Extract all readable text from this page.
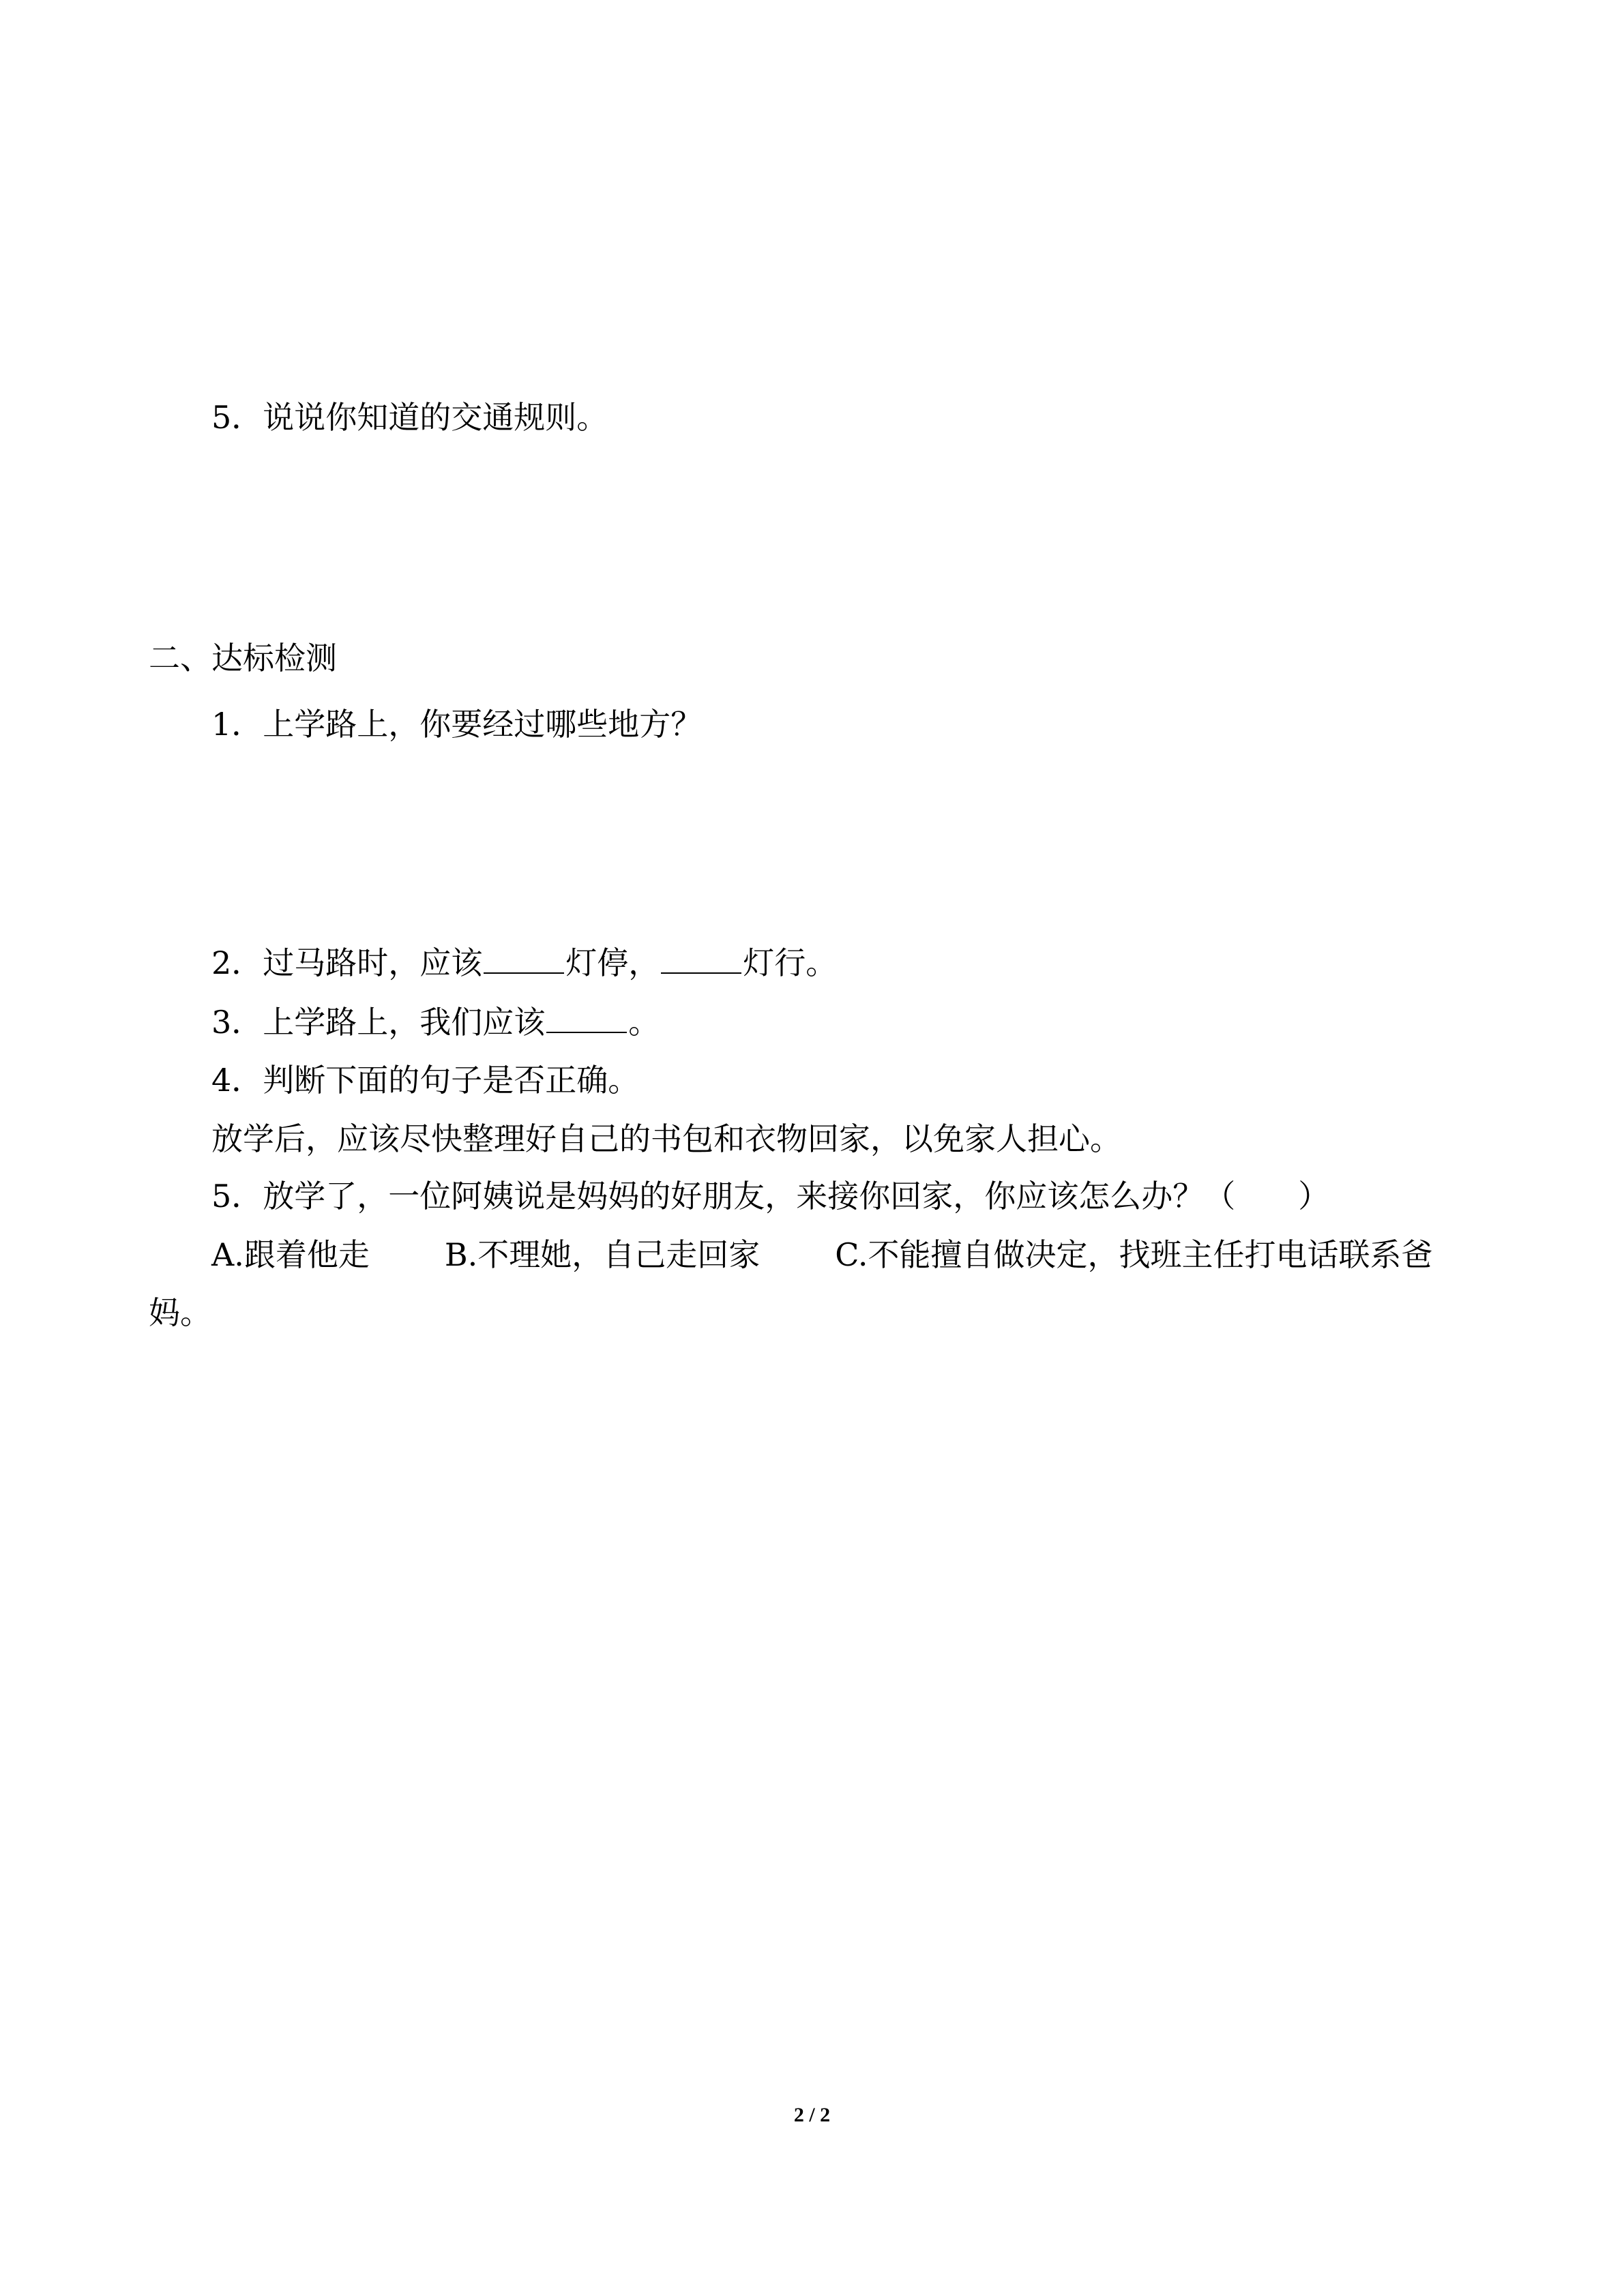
5．说说你知道的交通规则。
二、达标检测
1．上学路上，你要经过哪些地方？
2．过马路时，应该	灯停，	灯行。
3．上学路上，我们应该	。
4．判断下面的句子是否正确。
放学后，应该尽快整理好自己的书包和衣物回家，以免家人担心。
5．放学了，一位阿姨说是妈妈的好朋友，来接你回家，你应该怎么办？（　　）
A.跟着他走 B.不理她，自己走回家 C.不能擅自做决定，找班主任打电话联系爸
妈。
2 / 2
